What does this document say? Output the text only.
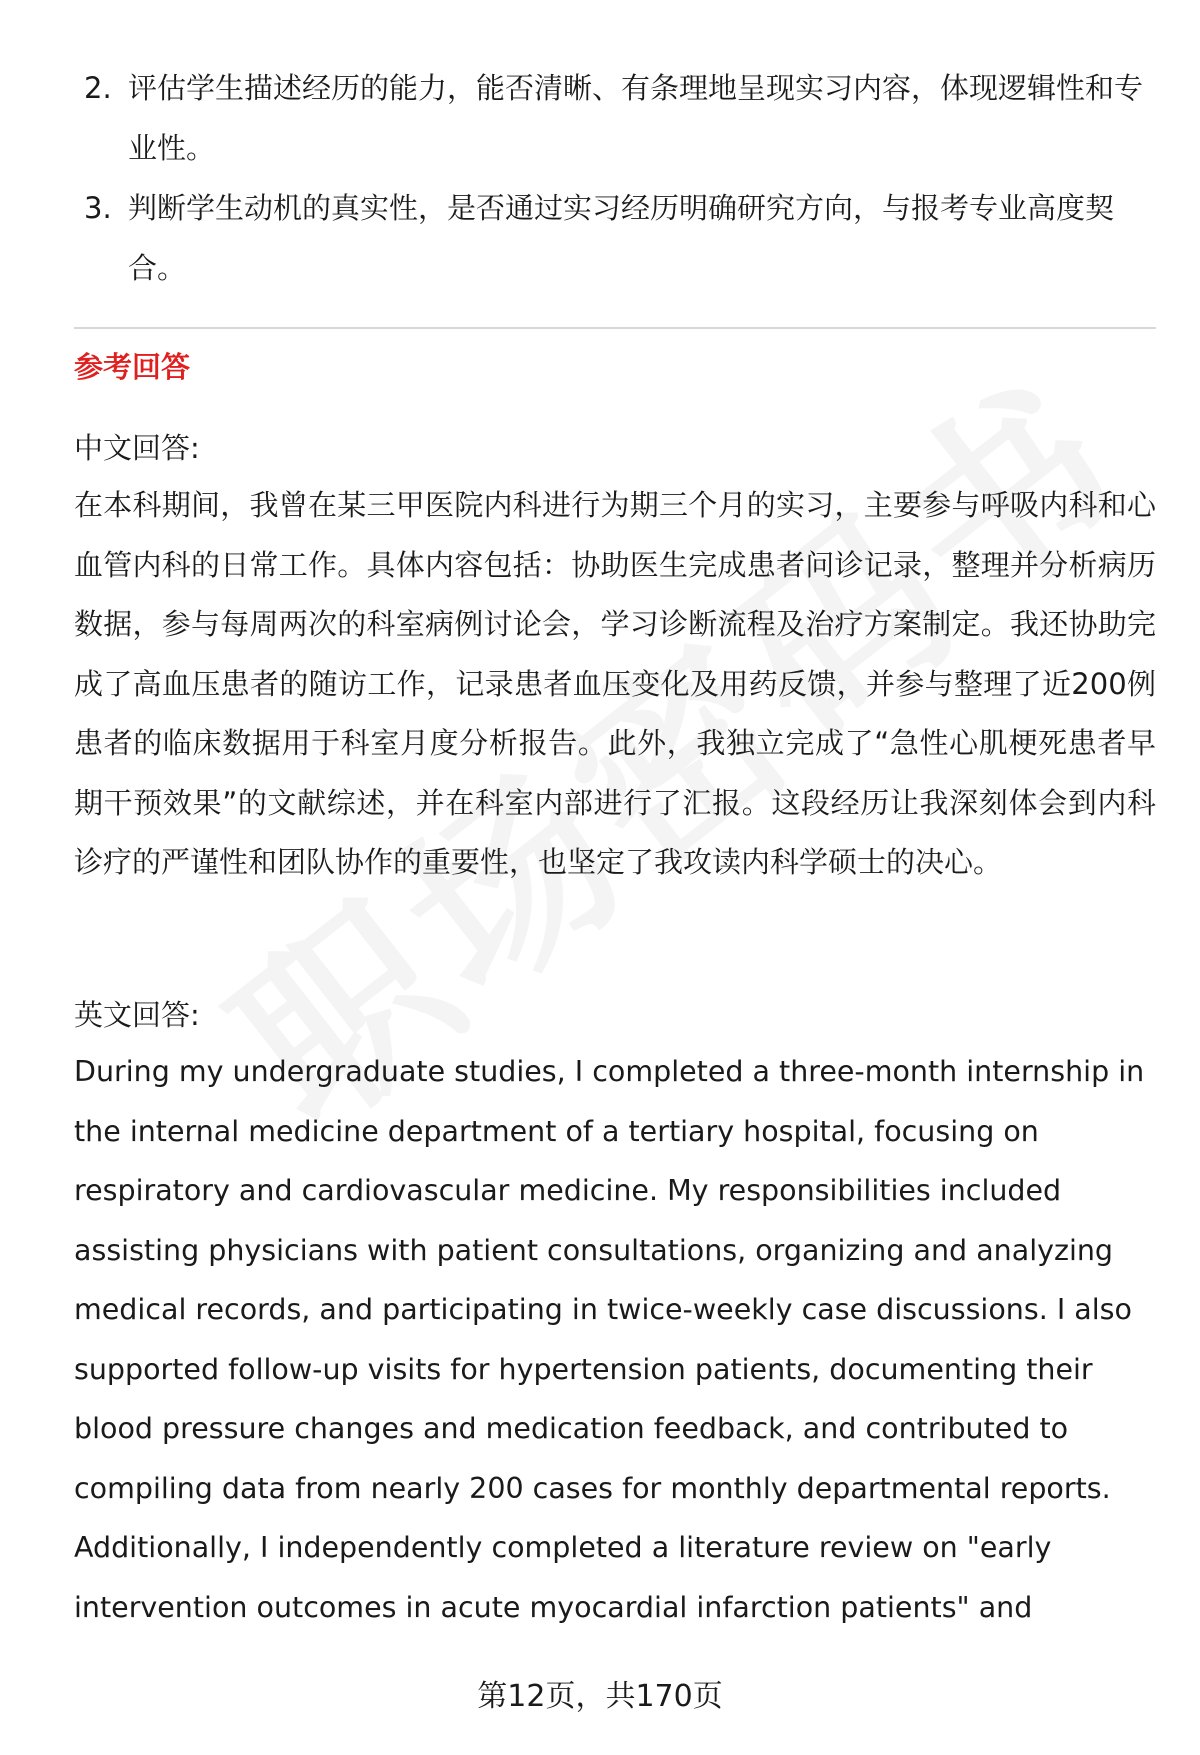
2. 评估学生描述经历的能力，能否清晰、有条理地呈现实习内容，体现逻辑性和专业性。
3. 判断学生动机的真实性，是否通过实习经历明确研究方向，与报考专业高度契合。
参考回答
中文回答:

在本科期间，我曾在某三甲医院内科进行为期三个月的实习，主要参与呼吸内科和心血管内科的日常工作。具体内容包括：协助医生完成患者问诊记录，整理并分析病历数据，参与每周两次的科室病例讨论会，学习诊断流程及治疗方案制定。我还协助完成了高血压患者的随访工作，记录患者血压变化及用药反馈，并参与整理了近200例患者的临床数据用于科室月度分析报告。此外，我独立完成了“急性心肌梗死患者早期干预效果”的文献综述，并在科室内部进行了汇报。这段经历让我深刻体会到内科诊疗的严谨性和团队协作的重要性，也坚定了我攻读内科学硕士的决心。

英文回答:

During my undergraduate studies, I completed a three-month internship in the internal medicine department of a tertiary hospital, focusing on respiratory and cardiovascular medicine. My responsibilities included assisting physicians with patient consultations, organizing and analyzing medical records, and participating in twice-weekly case discussions. I also supported follow-up visits for hypertension patients, documenting their blood pressure changes and medication feedback, and contributed to compiling data from nearly 200 cases for monthly departmental reports. Additionally, I independently completed a literature review on "early intervention outcomes in acute myocardial infarction patients" and

第12页，共170页
